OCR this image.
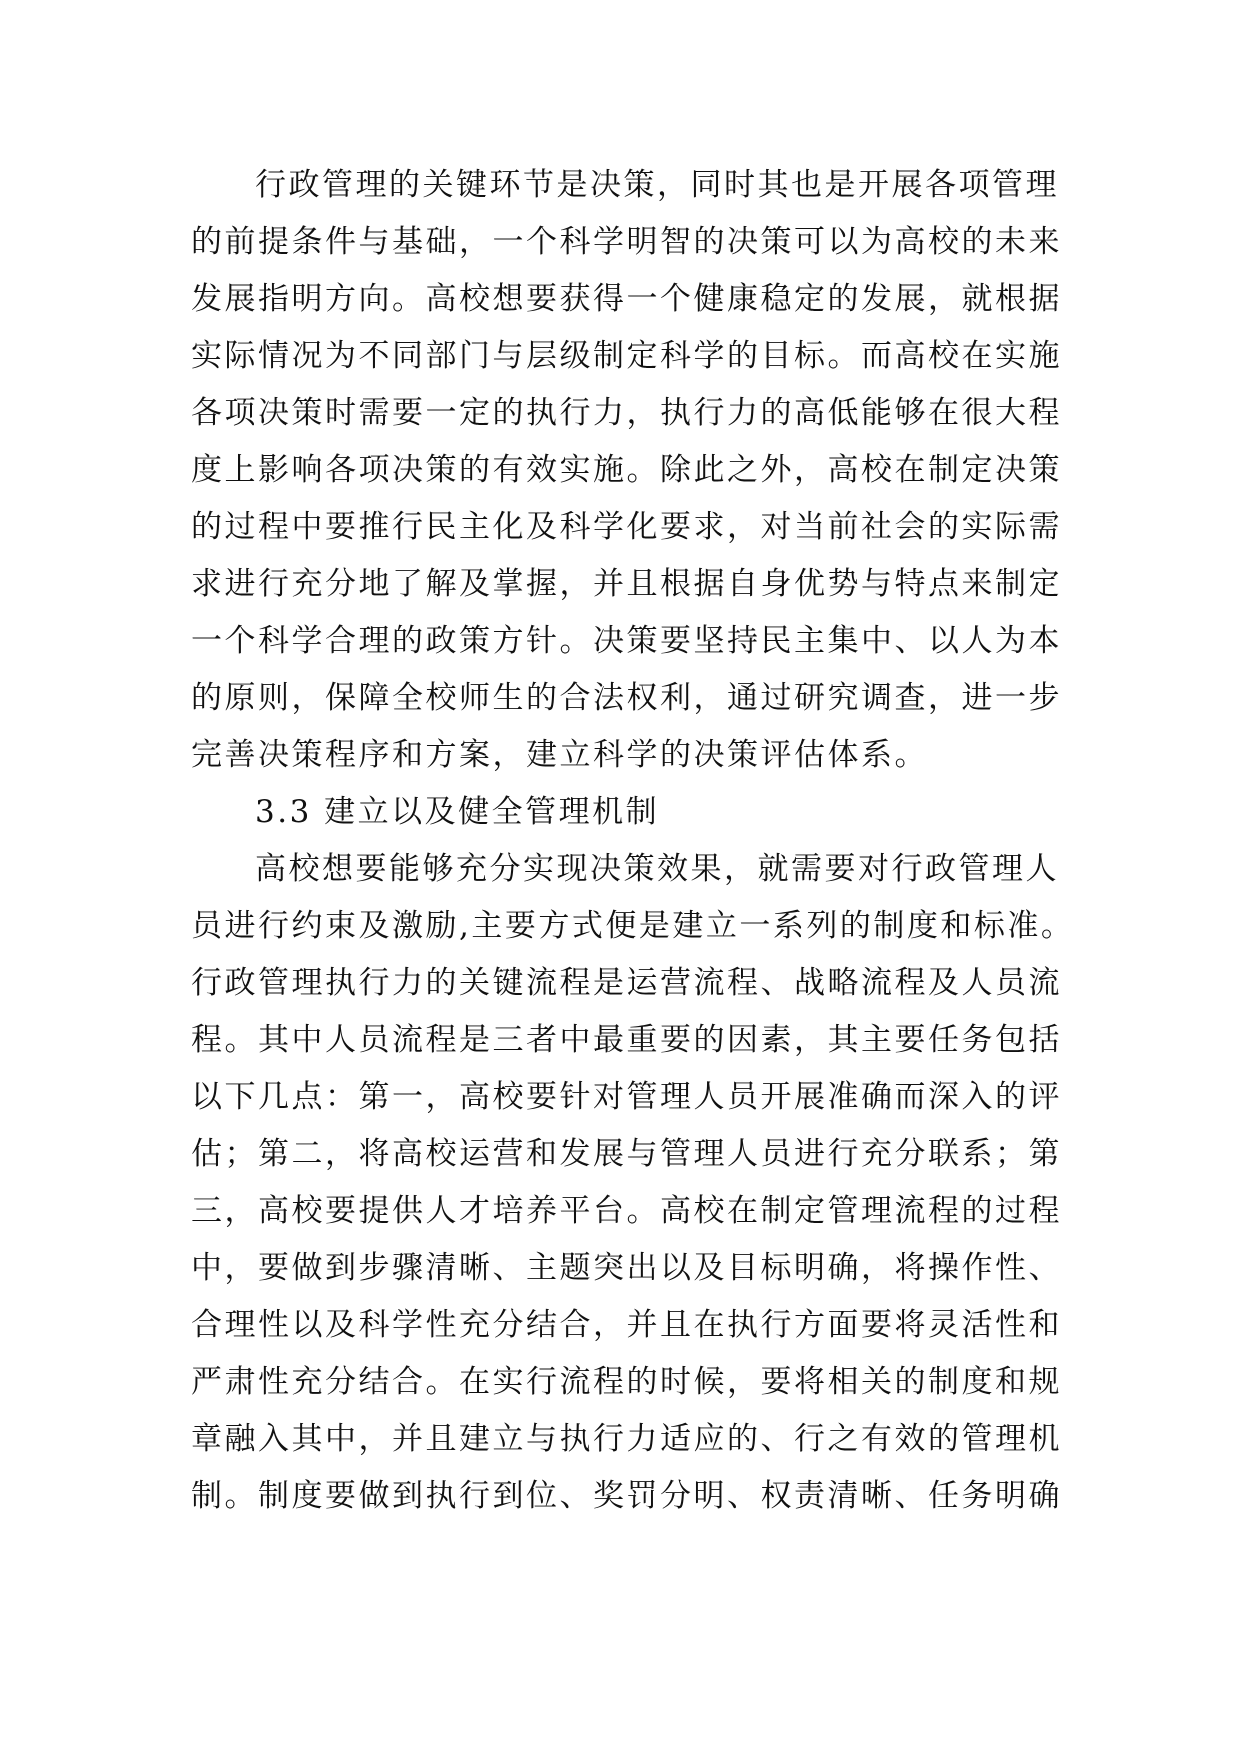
行政管理的关键环节是决策，同时其也是开展各项管理
的前提条件与基础，一个科学明智的决策可以为高校的未来
发展指明方向。高校想要获得一个健康稳定的发展，就根据
实际情况为不同部门与层级制定科学的目标。而高校在实施
各项决策时需要一定的执行力，执行力的高低能够在很大程
度上影响各项决策的有效实施。除此之外，高校在制定决策
的过程中要推行民主化及科学化要求，对当前社会的实际需
求进行充分地了解及掌握，并且根据自身优势与特点来制定
一个科学合理的政策方针。决策要坚持民主集中、以人为本
的原则，保障全校师生的合法权利，通过研究调查，进一步
完善决策程序和方案，建立科学的决策评估体系。
3.3 建立以及健全管理机制
高校想要能够充分实现决策效果，就需要对行政管理人
员进行约束及激励,主要方式便是建立一系列的制度和标准。
行政管理执行力的关键流程是运营流程、战略流程及人员流
程。其中人员流程是三者中最重要的因素，其主要任务包括
以下几点：第一，高校要针对管理人员开展准确而深入的评
估；第二，将高校运营和发展与管理人员进行充分联系；第
三，高校要提供人才培养平台。高校在制定管理流程的过程
中，要做到步骤清晰、主题突出以及目标明确，将操作性、
合理性以及科学性充分结合，并且在执行方面要将灵活性和
严肃性充分结合。在实行流程的时候，要将相关的制度和规
章融入其中，并且建立与执行力适应的、行之有效的管理机
制。制度要做到执行到位、奖罚分明、权责清晰、任务明确
